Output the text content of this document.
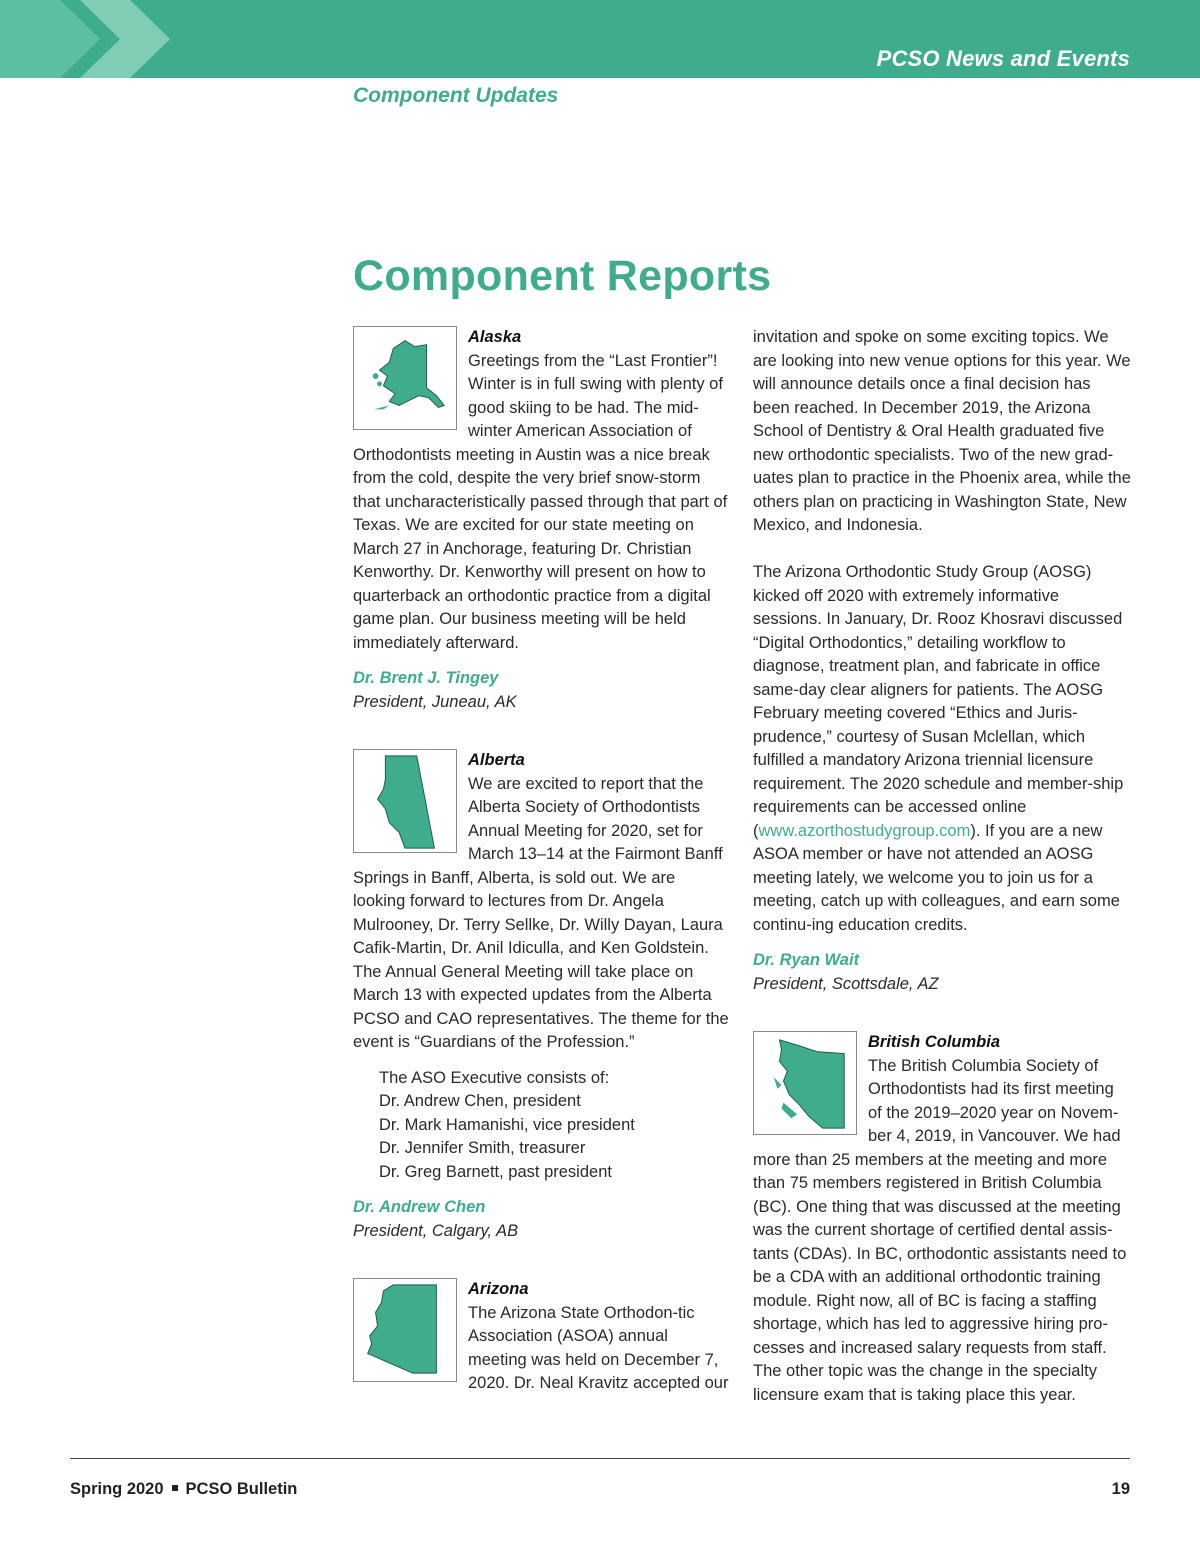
PCSO News and Events
Component Updates
Component Reports

Alaska

Greetings from the “Last Frontier”! Winter is in full swing with plenty of good skiing to be had. The mid-winter American Association of Orthodontists meeting in Austin was a nice break from the cold, despite the very brief snow-storm that uncharacteristically passed through that part of Texas. We are excited for our state meeting on March 27 in Anchorage, featuring Dr. Christian Kenworthy. Dr. Kenworthy will present on how to quarterback an orthodontic practice from a digital game plan. Our business meeting will be held immediately afterward.

Dr. Brent J. Tingey

President, Juneau, AK

Alberta

We are excited to report that the Alberta Society of Orthodontists Annual Meeting for 2020, set for March 13–14 at the Fairmont Banff Springs in Banff, Alberta, is sold out. We are looking forward to lectures from Dr. Angela Mulrooney, Dr. Terry Sellke, Dr. Willy Dayan, Laura Cafik-Martin, Dr. Anil Idiculla, and Ken Goldstein. The Annual General Meeting will take place on March 13 with expected updates from the Alberta PCSO and CAO representatives. The theme for the event is “Guardians of the Profession.”

The ASO Executive consists of:
Dr. Andrew Chen, president
Dr. Mark Hamanishi, vice president
Dr. Jennifer Smith, treasurer
Dr. Greg Barnett, past president

Dr. Andrew Chen

President, Calgary, AB

Arizona

The Arizona State Orthodon-tic Association (ASOA) annual meeting was held on December 7, 2020. Dr. Neal Kravitz accepted our

invitation and spoke on some exciting topics. We are looking into new venue options for this year. We will announce details once a final decision has been reached. In December 2019, the Arizona School of Dentistry & Oral Health graduated five new orthodontic specialists. Two of the new grad-uates plan to practice in the Phoenix area, while the others plan on practicing in Washington State, New Mexico, and Indonesia.

The Arizona Orthodontic Study Group (AOSG) kicked off 2020 with extremely informative sessions. In January, Dr. Rooz Khosravi discussed “Digital Orthodontics,” detailing workflow to diagnose, treatment plan, and fabricate in office same-day clear aligners for patients. The AOSG February meeting covered “Ethics and Juris-prudence,” courtesy of Susan Mclellan, which fulfilled a mandatory Arizona triennial licensure requirement. The 2020 schedule and member-ship requirements can be accessed online (www.azorthostudygroup.com). If you are a new ASOA member or have not attended an AOSG meeting lately, we welcome you to join us for a meeting, catch up with colleagues, and earn some continu-ing education credits.

Dr. Ryan Wait

President, Scottsdale, AZ

British Columbia

The British Columbia Society of Orthodontists had its first meeting of the 2019–2020 year on Novem-ber 4, 2019, in Vancouver. We had more than 25 members at the meeting and more than 75 members registered in British Columbia (BC). One thing that was discussed at the meeting was the current shortage of certified dental assis-tants (CDAs). In BC, orthodontic assistants need to be a CDA with an additional orthodontic training module. Right now, all of BC is facing a staffing shortage, which has led to aggressive hiring pro-cesses and increased salary requests from staff. The other topic was the change in the specialty licensure exam that is taking place this year.

Spring 2020 PCSO Bulletin	19
